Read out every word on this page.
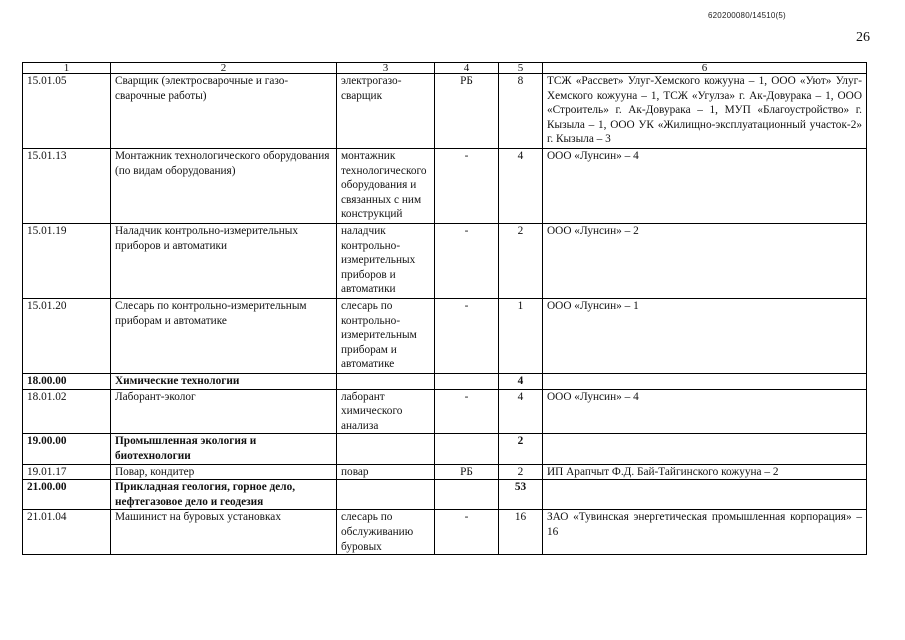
620200080/14510(5)
26
1	2	3	4	5	6
15.01.05	Сварщик (электросварочные и газо-сварочные работы)	электрогазо-сварщик	РБ	8	ТСЖ «Рассвет» Улуг-Хемского кожууна – 1, ООО «Уют» Улуг-Хемского кожууна – 1, ТСЖ «Угулза» г. Ак-Довурака – 1, ООО «Строитель» г. Ак-Довурака – 1, МУП «Благоустройство» г. Кызыла – 1, ООО УК «Жилищно-эксплуатационный участок-2» г. Кызыла – 3
15.01.13	Монтажник технологического оборудования (по видам оборудования)	монтажник технологического оборудования и связанных с ним конструкций	-	4	ООО «Лунсин» – 4
15.01.19	Наладчик контрольно-измерительных приборов и автоматики	наладчик контрольно-измерительных приборов и автоматики	-	2	ООО «Лунсин» – 2
15.01.20	Слесарь по контрольно-измерительным приборам и автоматике	слесарь по контрольно-измерительным приборам и автоматике	-	1	ООО «Лунсин» – 1
18.00.00	Химические технологии			4	
18.01.02	Лаборант-эколог	лаборант химического анализа	-	4	ООО «Лунсин» – 4
19.00.00	Промышленная экология и биотехнологии			2	
19.01.17	Повар, кондитер	повар	РБ	2	ИП Арапчыт Ф.Д. Бай-Тайгинского кожууна – 2
21.00.00	Прикладная геология, горное дело, нефтегазовое дело и геодезия			53	
21.01.04	Машинист на буровых установках	слесарь по обслуживанию буровых	-	16	ЗАО «Тувинская энергетическая промышленная корпорация» – 16
